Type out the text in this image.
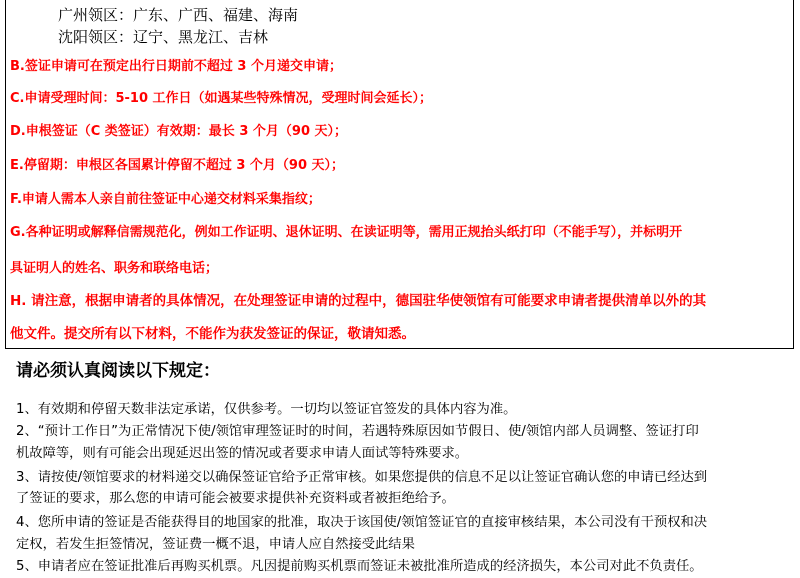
广州领区：广东、广西、福建、海南
沈阳领区：辽宁、黑龙江、吉林
B.签证申请可在预定出行日期前不超过 3 个月递交申请；
C.申请受理时间：5-10 工作日（如遇某些特殊情况，受理时间会延长）；
D.申根签证（C 类签证）有效期：最长 3 个月（90 天）；
E.停留期：申根区各国累计停留不超过 3 个月（90 天）；
F.申请人需本人亲自前往签证中心递交材料采集指纹；
G.各种证明或解释信需规范化，例如工作证明、退休证明、在读证明等，需用正规抬头纸打印（不能手写），并标明开
具证明人的姓名、职务和联络电话；
H. 请注意，根据申请者的具体情况，在处理签证申请的过程中，德国驻华使领馆有可能要求申请者提供清单以外的其
他文件。提交所有以下材料，不能作为获发签证的保证，敬请知悉。
请必须认真阅读以下规定：
1、有效期和停留天数非法定承诺，仅供参考。一切均以签证官签发的具体内容为准。
2、“预计工作日”为正常情况下使/领馆审理签证时的时间，若遇特殊原因如节假日、使/领馆内部人员调整、签证打印
机故障等，则有可能会出现延迟出签的情况或者要求申请人面试等特殊要求。
3、请按使/领馆要求的材料递交以确保签证官给予正常审核。如果您提供的信息不足以让签证官确认您的申请已经达到
了签证的要求，那么您的申请可能会被要求提供补充资料或者被拒绝给予。
4、您所申请的签证是否能获得目的地国家的批准，取决于该国使/领馆签证官的直接审核结果，本公司没有干预权和决
定权，若发生拒签情况，签证费一概不退，申请人应自然接受此结果
5、申请者应在签证批准后再购买机票。凡因提前购买机票而签证未被批准所造成的经济损失，本公司对此不负责任。
